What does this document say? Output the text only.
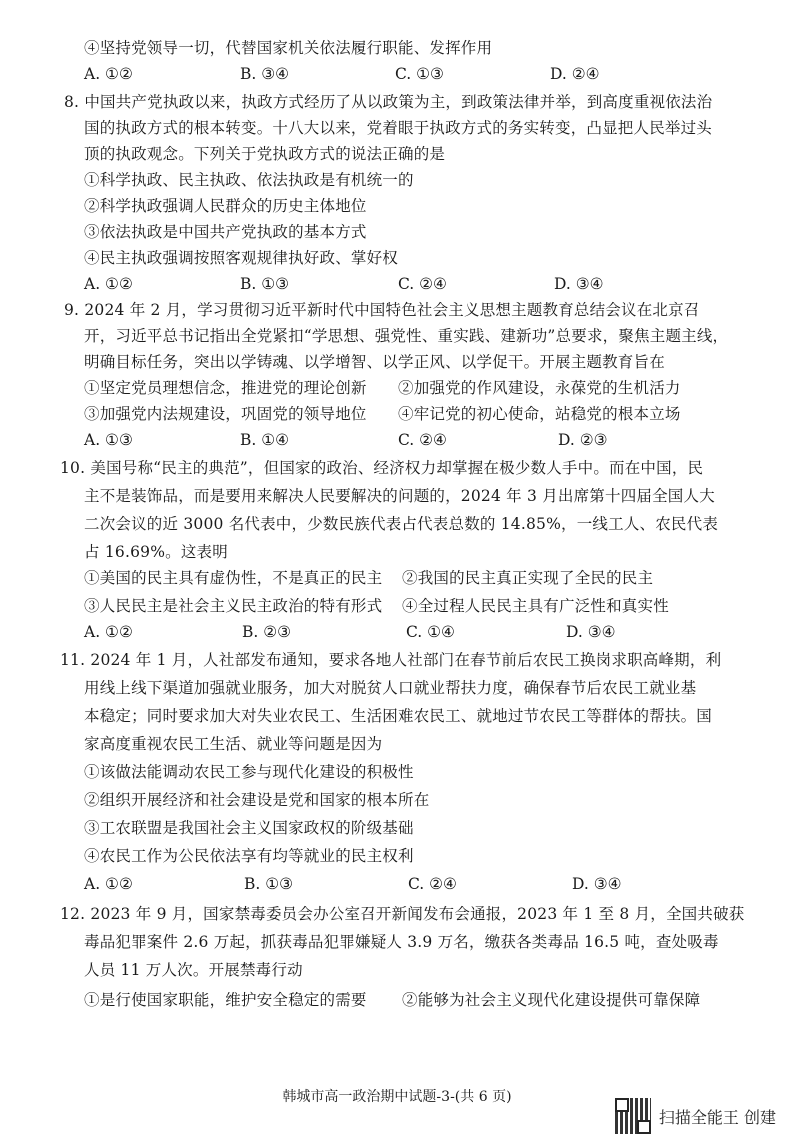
④坚持党领导一切，代替国家机关依法履行职能、发挥作用
A. ①②	B. ③④	C. ①③	D. ②④
8. 中国共产党执政以来，执政方式经历了从以政策为主，到政策法律并举，到高度重视依法治
国的执政方式的根本转变。十八大以来，党着眼于执政方式的务实转变，凸显把人民举过头
顶的执政观念。下列关于党执政方式的说法正确的是
①科学执政、民主执政、依法执政是有机统一的
②科学执政强调人民群众的历史主体地位
③依法执政是中国共产党执政的基本方式
④民主执政强调按照客观规律执好政、掌好权
A. ①②	B. ①③	C. ②④	D. ③④
9. 2024 年 2 月，学习贯彻习近平新时代中国特色社会主义思想主题教育总结会议在北京召
开，习近平总书记指出全党紧扣“学思想、强党性、重实践、建新功”总要求，聚焦主题主线，
明确目标任务，突出以学铸魂、以学增智、以学正风、以学促干。开展主题教育旨在
①坚定党员理想信念，推进党的理论创新 ②加强党的作风建设，永葆党的生机活力
③加强党内法规建设，巩固党的领导地位 ④牢记党的初心使命，站稳党的根本立场
A. ①③	B. ①④	C. ②④	D. ②③
10. 美国号称“民主的典范”，但国家的政治、经济权力却掌握在极少数人手中。而在中国，民
主不是装饰品，而是要用来解决人民要解决的问题的，2024 年 3 月出席第十四届全国人大
二次会议的近 3000 名代表中，少数民族代表占代表总数的 14.85%，一线工人、农民代表
占 16.69%。这表明
①美国的民主具有虚伪性，不是真正的民主 ②我国的民主真正实现了全民的民主
③人民民主是社会主义民主政治的特有形式 ④全过程人民民主具有广泛性和真实性
A. ①②	B. ②③	C. ①④	D. ③④
11. 2024 年 1 月，人社部发布通知，要求各地人社部门在春节前后农民工换岗求职高峰期，利
用线上线下渠道加强就业服务，加大对脱贫人口就业帮扶力度，确保春节后农民工就业基
本稳定；同时要求加大对失业农民工、生活困难农民工、就地过节农民工等群体的帮扶。国
家高度重视农民工生活、就业等问题是因为
①该做法能调动农民工参与现代化建设的积极性
②组织开展经济和社会建设是党和国家的根本所在
③工农联盟是我国社会主义国家政权的阶级基础
④农民工作为公民依法享有均等就业的民主权利
A. ①②	B. ①③	C. ②④	D. ③④
12. 2023 年 9 月，国家禁毒委员会办公室召开新闻发布会通报，2023 年 1 至 8 月，全国共破获
毒品犯罪案件 2.6 万起，抓获毒品犯罪嫌疑人 3.9 万名，缴获各类毒品 16.5 吨，查处吸毒
人员 11 万人次。开展禁毒行动
①是行使国家职能，维护安全稳定的需要 ②能够为社会主义现代化建设提供可靠保障
韩城市高一政治期中试题-3-(共 6 页)
扫描全能王 创建
